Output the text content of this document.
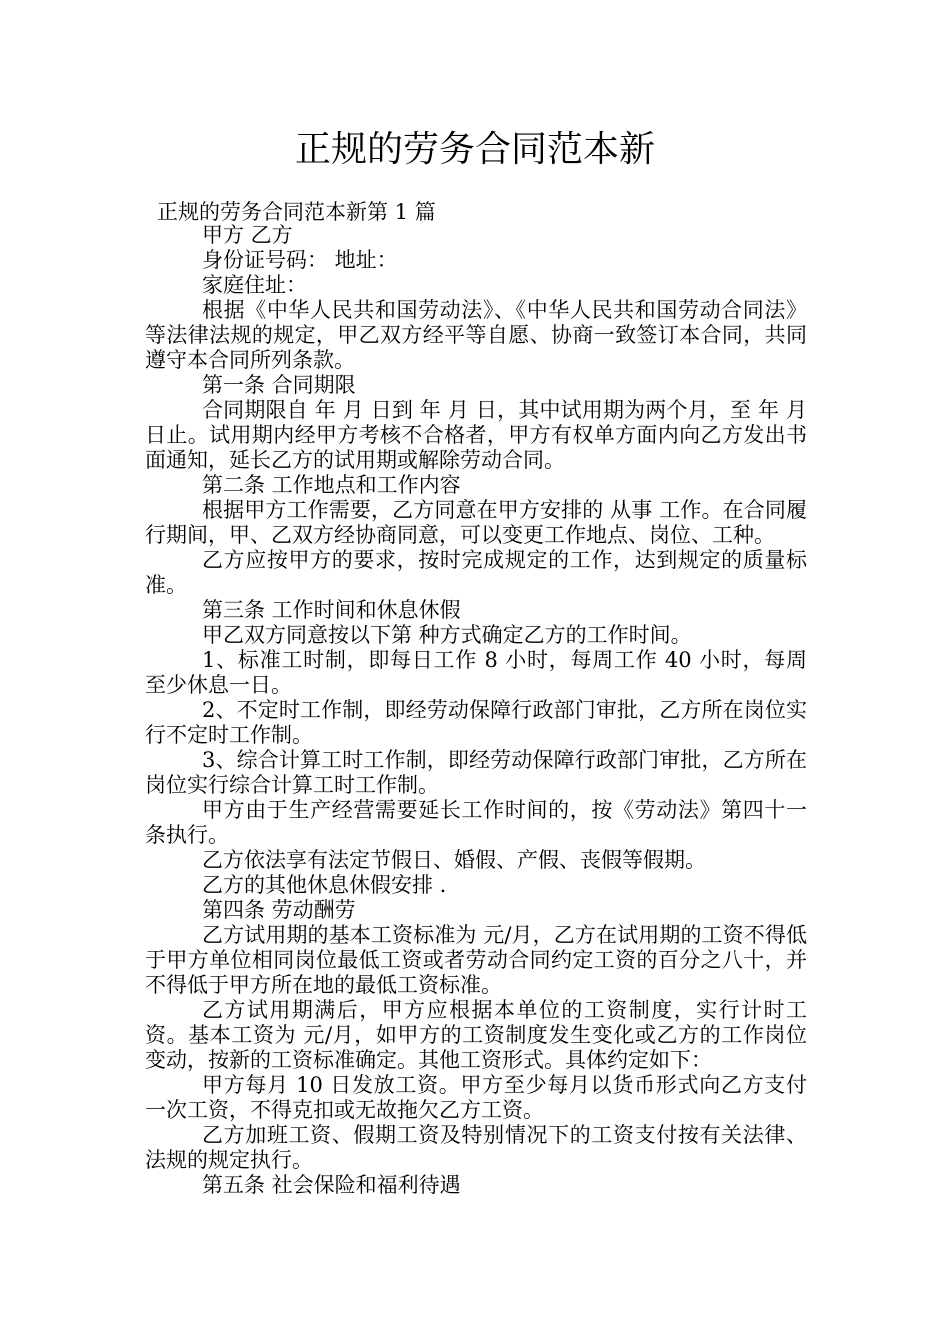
正规的劳务合同范本新
正规的劳务合同范本新第 1 篇

甲方 乙方

身份证号码： 地址：

家庭住址：

根据《中华人民共和国劳动法》、《中华人民共和国劳动合同法》等法律法规的规定，甲乙双方经平等自愿、协商一致签订本合同，共同遵守本合同所列条款。

第一条 合同期限

合同期限自 年 月 日到 年 月 日，其中试用期为两个月，至 年 月 日止。试用期内经甲方考核不合格者，甲方有权单方面内向乙方发出书面通知，延长乙方的试用期或解除劳动合同。

第二条 工作地点和工作内容

根据甲方工作需要，乙方同意在甲方安排的 从事 工作。在合同履行期间，甲、乙双方经协商同意，可以变更工作地点、岗位、工种。

乙方应按甲方的要求，按时完成规定的工作，达到规定的质量标准。

第三条 工作时间和休息休假

甲乙双方同意按以下第 种方式确定乙方的工作时间。

1、标准工时制，即每日工作 8 小时，每周工作 40 小时，每周至少休息一日。

2、不定时工作制，即经劳动保障行政部门审批，乙方所在岗位实行不定时工作制。

3、综合计算工时工作制，即经劳动保障行政部门审批，乙方所在岗位实行综合计算工时工作制。

甲方由于生产经营需要延长工作时间的，按《劳动法》第四十一条执行。

乙方依法享有法定节假日、婚假、产假、丧假等假期。

乙方的其他休息休假安排 .

第四条 劳动酬劳

乙方试用期的基本工资标准为 元/月，乙方在试用期的工资不得低于甲方单位相同岗位最低工资或者劳动合同约定工资的百分之八十，并不得低于甲方所在地的最低工资标准。

乙方试用期满后，甲方应根据本单位的工资制度，实行计时工资。基本工资为 元/月，如甲方的工资制度发生变化或乙方的工作岗位变动，按新的工资标准确定。其他工资形式。具体约定如下：

甲方每月 10 日发放工资。甲方至少每月以货币形式向乙方支付一次工资，不得克扣或无故拖欠乙方工资。

乙方加班工资、假期工资及特别情况下的工资支付按有关法律、法规的规定执行。

第五条 社会保险和福利待遇
